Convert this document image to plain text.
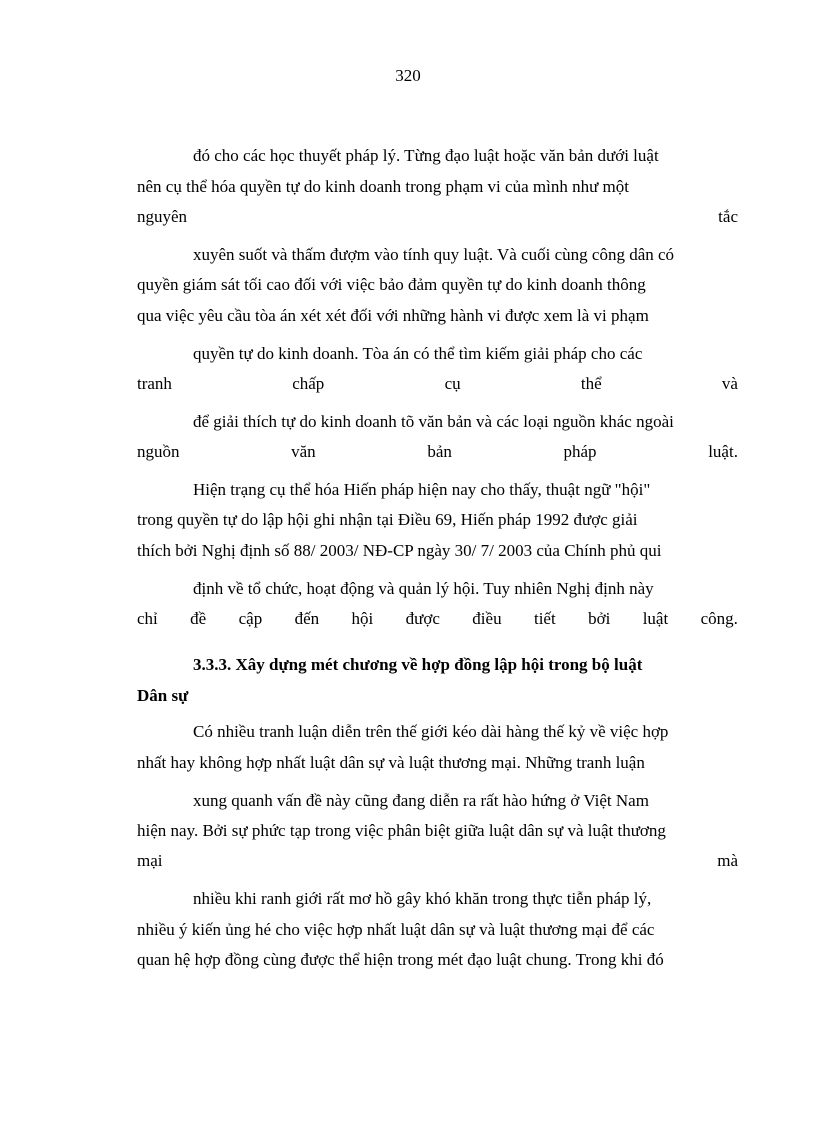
320
đó cho các học thuyết pháp lý. Từng đạo luật hoặc văn bản dưới luật
nên cụ thể hóa quyền tự do kinh doanh trong phạm vi của mình như một
nguyên	tắc
xuyên suốt và thấm đượm vào tính quy luật. Và cuối cùng công dân có
quyền giám sát tối cao đối với việc bảo đảm quyền tự do kinh doanh thông
qua việc yêu cầu tòa án xét xét đối với những hành vi được xem là vi phạm
quyền tự do kinh doanh. Tòa án có thể tìm kiếm giải pháp cho các
tranh	chấp	cụ	thể	và
để giải thích tự do kinh doanh tõ văn bản và các loại nguồn khác ngoài
nguồn	văn	bản	pháp	luật.
Hiện trạng cụ thể hóa Hiến pháp hiện nay cho thấy, thuật ngữ "hội"
trong quyền tự do lập hội ghi nhận tại Điều 69, Hiến pháp 1992 được giải
thích bởi Nghị định số 88/ 2003/ NĐ-CP ngày 30/ 7/ 2003 của Chính phủ qui
định về tổ chức, hoạt động và quản lý hội. Tuy nhiên Nghị định này
chỉ đề cập đến hội được điều tiết bởi luật công.
3.3.3. Xây dựng mét chương về hợp đồng lập hội trong bộ luật
Dân sự
Có nhiều tranh luận diễn trên thế giới kéo dài hàng thế kỷ về việc hợp
nhất hay không hợp nhất luật dân sự và luật thương mại. Những tranh luận
xung quanh vấn đề này cũng đang diễn ra rất hào hứng ở Việt Nam
hiện nay. Bởi sự phức tạp trong việc phân biệt giữa luật dân sự và luật thương
mại	mà
nhiều khi ranh giới rất mơ hồ gây khó khăn trong thực tiễn pháp lý,
nhiều ý kiến ủng hé cho việc hợp nhất luật dân sự và luật thương mại để các
quan hệ hợp đồng cùng được thể hiện trong mét đạo luật chung. Trong khi đó
